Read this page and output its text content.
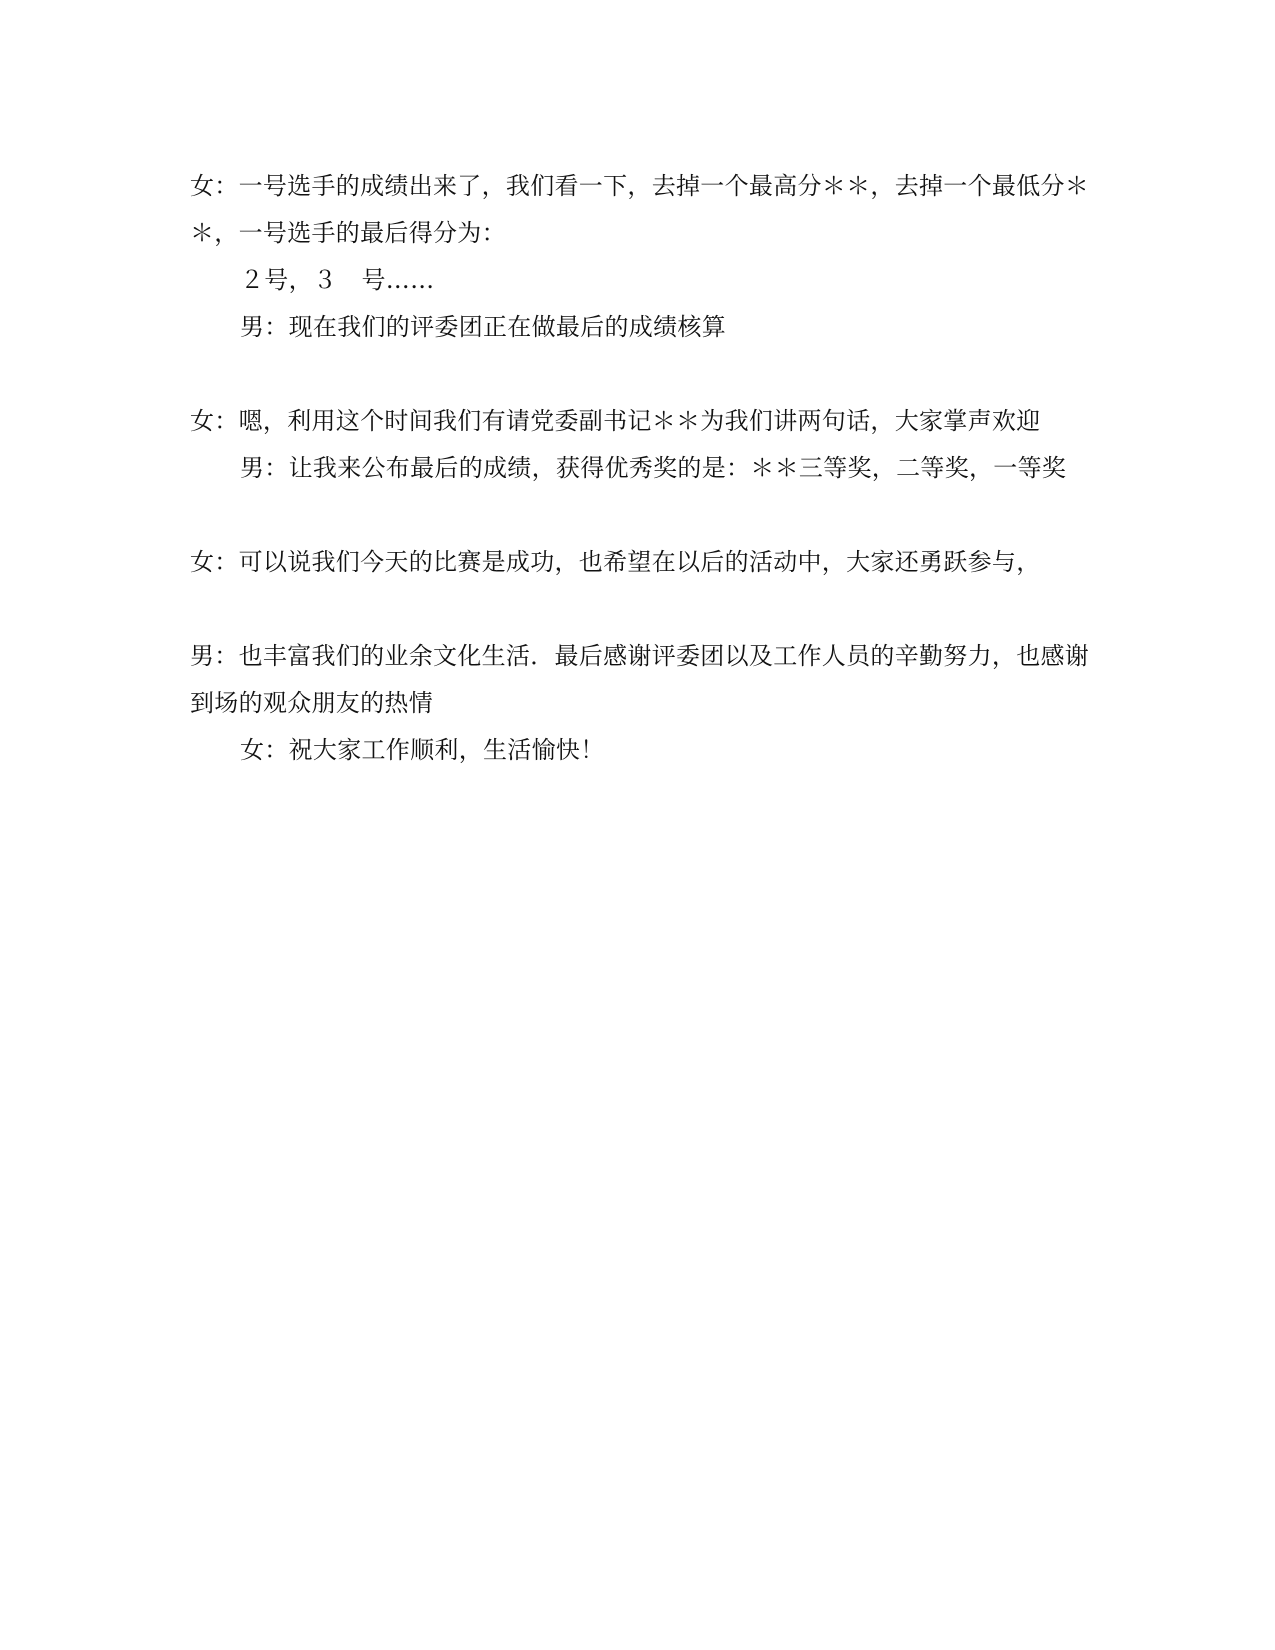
女：一号选手的成绩出来了，我们看一下，去掉一个最高分＊＊，去掉一个最低分＊＊，一号选手的最后得分为：

２号，３　号……

男：现在我们的评委团正在做最后的成绩核算

女：嗯，利用这个时间我们有请党委副书记＊＊为我们讲两句话，大家掌声欢迎

男：让我来公布最后的成绩，获得优秀奖的是：＊＊三等奖，二等奖，一等奖

女：可以说我们今天的比赛是成功，也希望在以后的活动中，大家还勇跃参与，

男：也丰富我们的业余文化生活．最后感谢评委团以及工作人员的辛勤努力，也感谢到场的观众朋友的热情

女：祝大家工作顺利，生活愉快！
